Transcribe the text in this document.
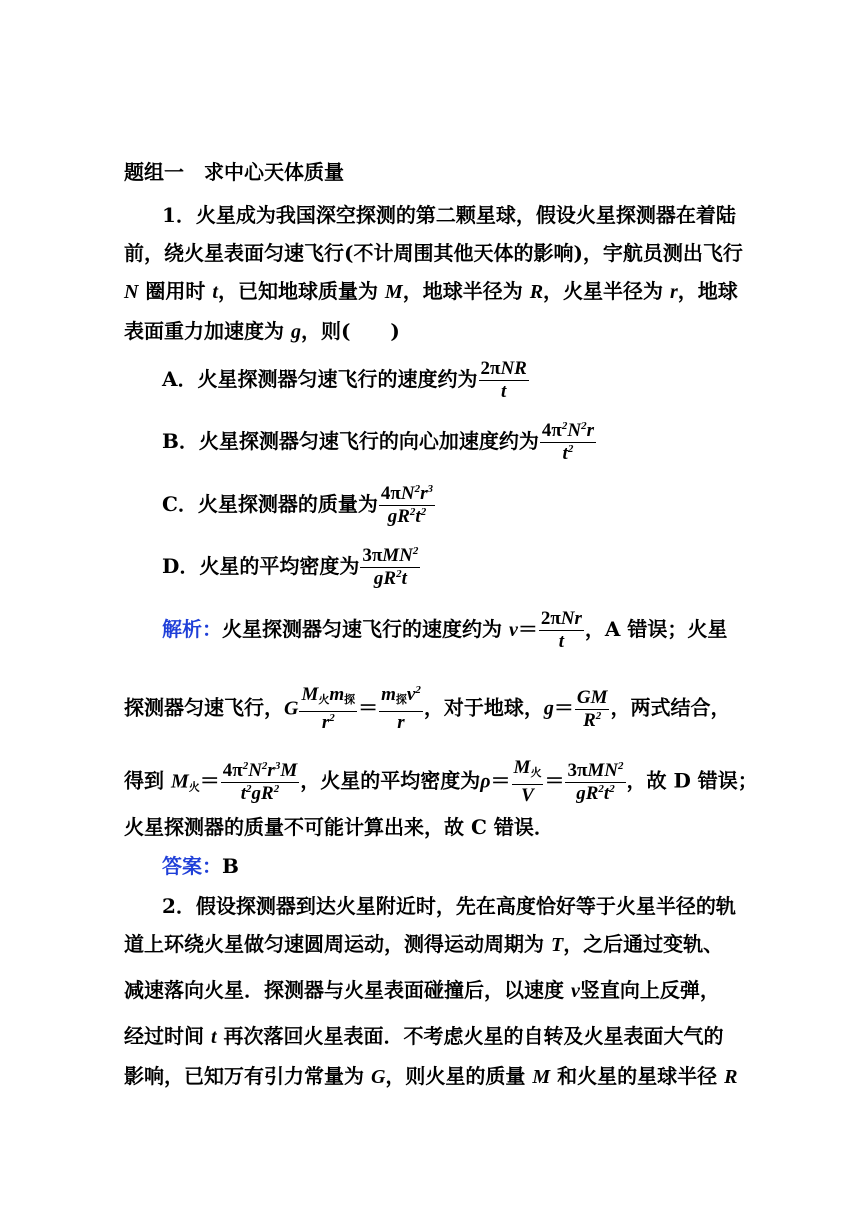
题组一　求中心天体质量
1．火星成为我国深空探测的第二颗星球，假设火星探测器在着陆
前，绕火星表面匀速飞行(不计周围其他天体的影响)，宇航员测出飞行
N 圈用时 t，已知地球质量为 M，地球半径为 R，火星半径为 r，地球
表面重力加速度为 g，则(　　)
A．火星探测器匀速飞行的速度约为 $\frac{\text{2πNR}}{t}$
B．火星探测器匀速飞行的向心加速度约为 $\frac{4\pi^2N^2r}{t^2}$
C．火星探测器的质量为 $\frac{4\pi N^2r^3}{gR^2t^2}$
D．火星的平均密度为 $\frac{3\pi MN^2}{gR^2t}$
解析：火星探测器匀速飞行的速度约为 $v= \frac{\text{2πNr}}{t}$ ，A 错误；火星
探测器匀速飞行，G $\frac{M_火m_探}{r^2} = \frac{m_探v^2}{r}$ ，对于地球，$g= \frac{GM}{R^2}$ ，两式结合，
得到 $M_火= \frac{4\pi^2N^2r^3M}{t^2gR^2}$ ，火星的平均密度为$\rho= \frac{M_火}{V} = \frac{3\pi MN^2}{gR^2t^2}$ ，故 D 错误；
火星探测器的质量不可能计算出来，故 C 错误．
答案：B
2．假设探测器到达火星附近时，先在高度恰好等于火星半径的轨
道上环绕火星做匀速圆周运动，测得运动周期为 T，之后通过变轨、
减速落向火星．探测器与火星表面碰撞后，以速度 v竖直向上反弹，
经过时间 t 再次落回火星表面．不考虑火星的自转及火星表面大气的
影响，已知万有引力常量为 G，则火星的质量 M 和火星的星球半径 R
